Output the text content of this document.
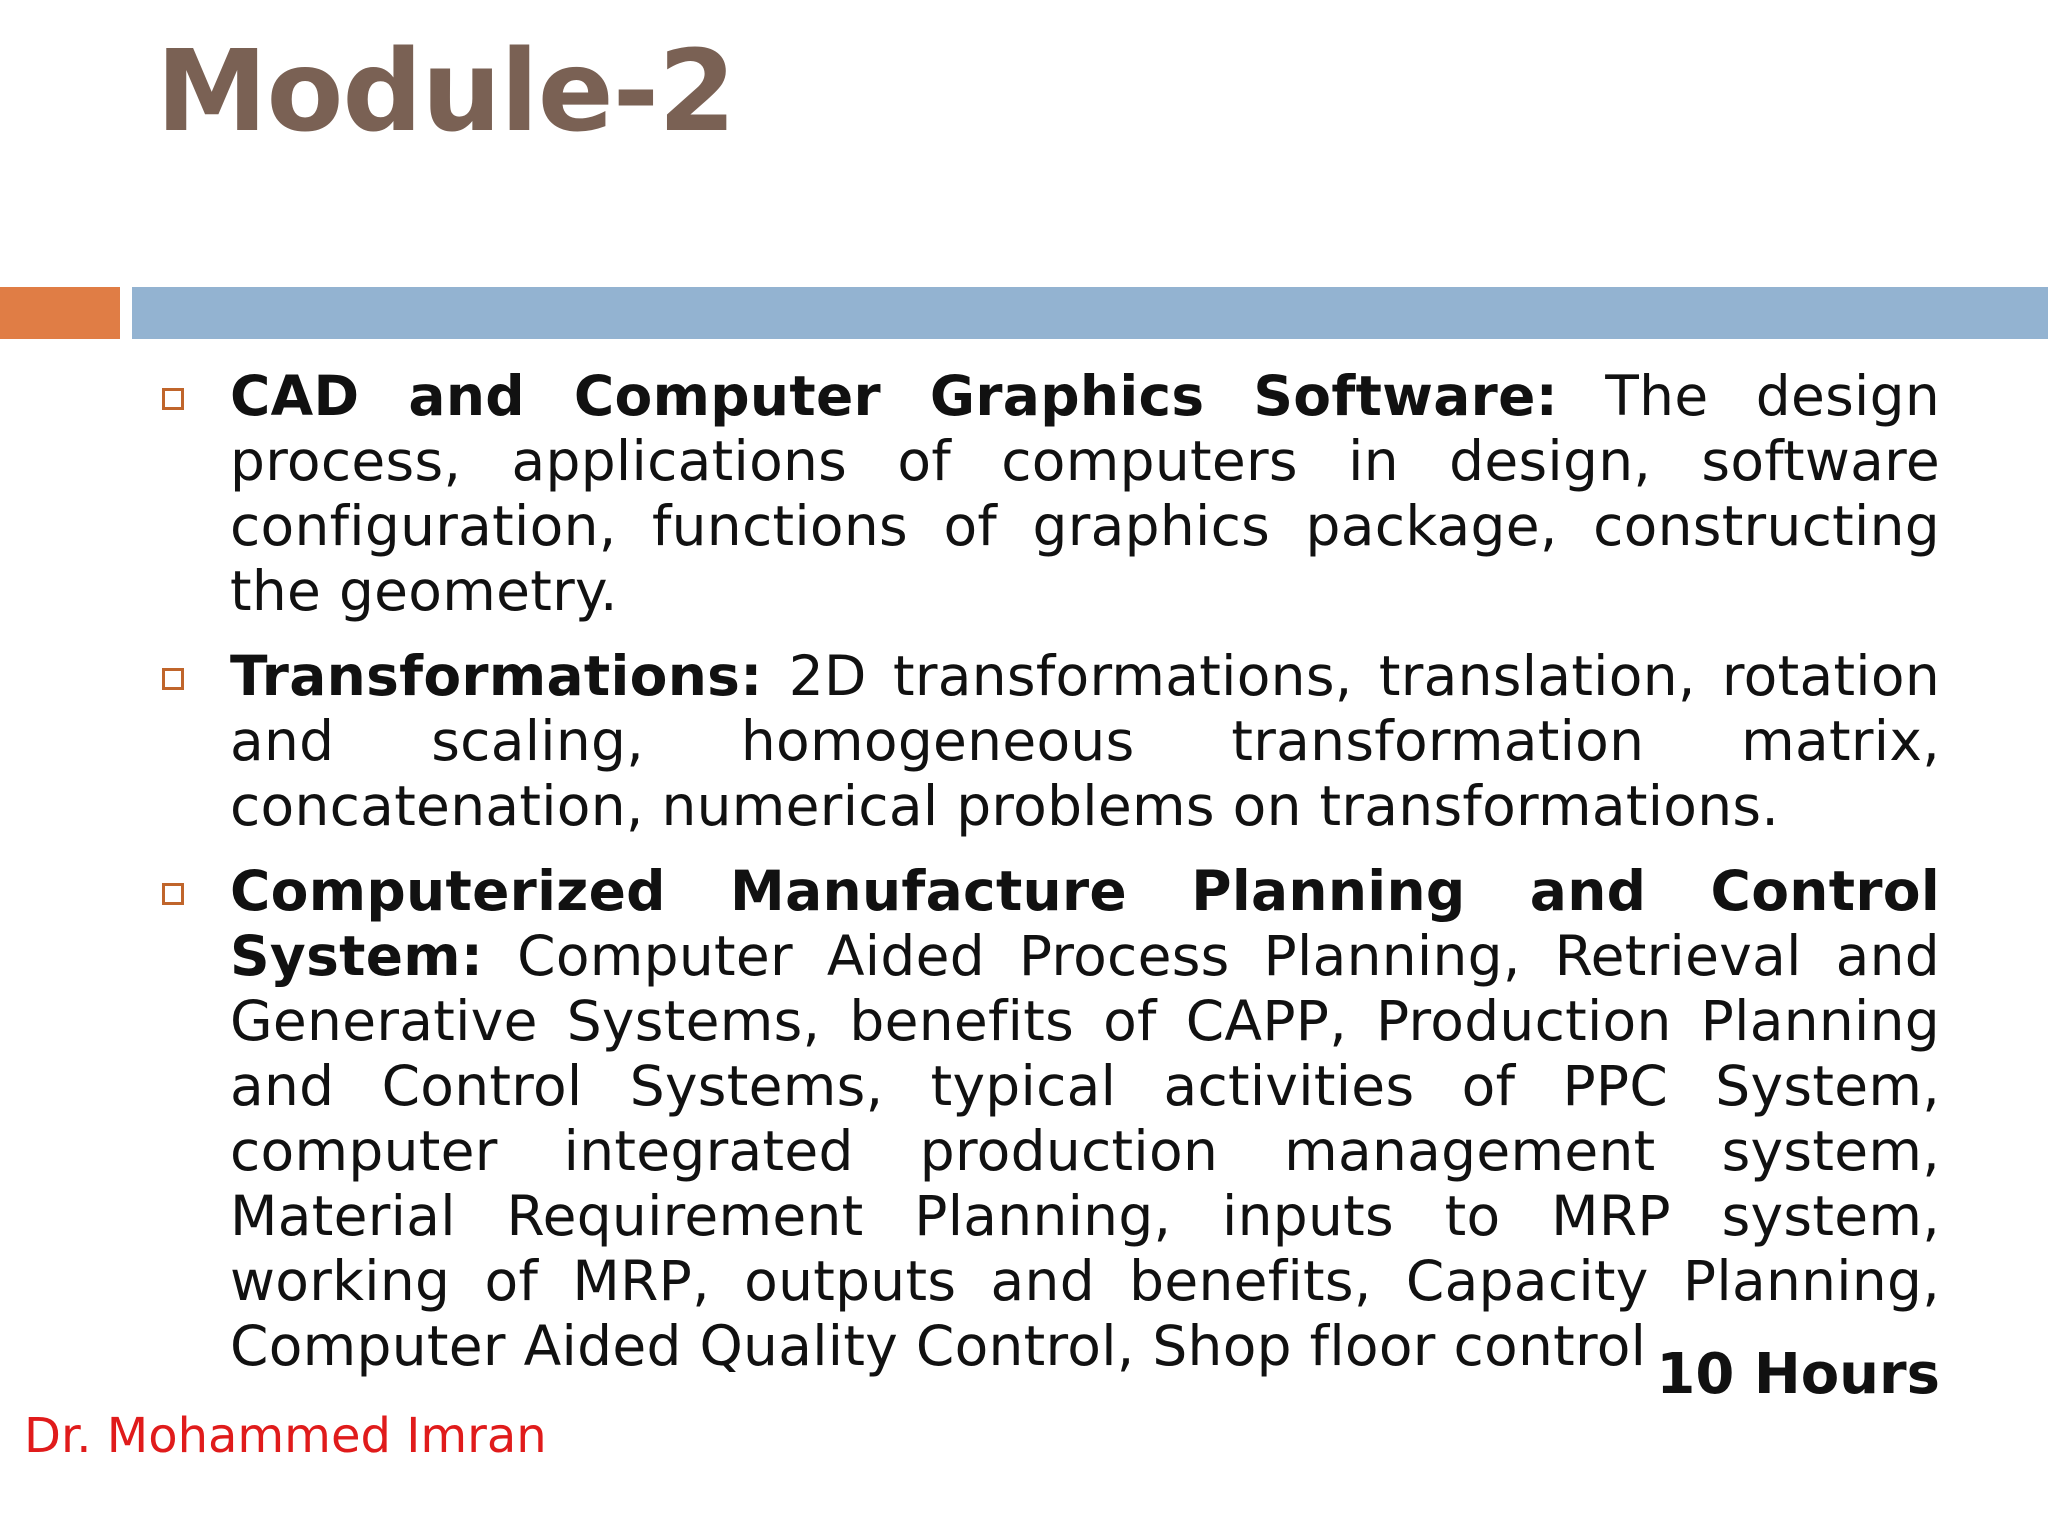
Module-2
CAD and Computer Graphics Software: The design process, applications of computers in design, software configuration, functions of graphics package, constructing the geometry.
Transformations: 2D transformations, translation, rotation and scaling, homogeneous transformation matrix, concatenation, numerical problems on transformations.
Computerized Manufacture Planning and Control System: Computer Aided Process Planning, Retrieval and Generative Systems, benefits of CAPP, Production Planning and Control Systems, typical activities of PPC System, computer integrated production management system, Material Requirement Planning, inputs to MRP system, working of MRP, outputs and benefits, Capacity Planning, Computer Aided Quality Control, Shop floor control 10 Hours
Dr. Mohammed Imran
